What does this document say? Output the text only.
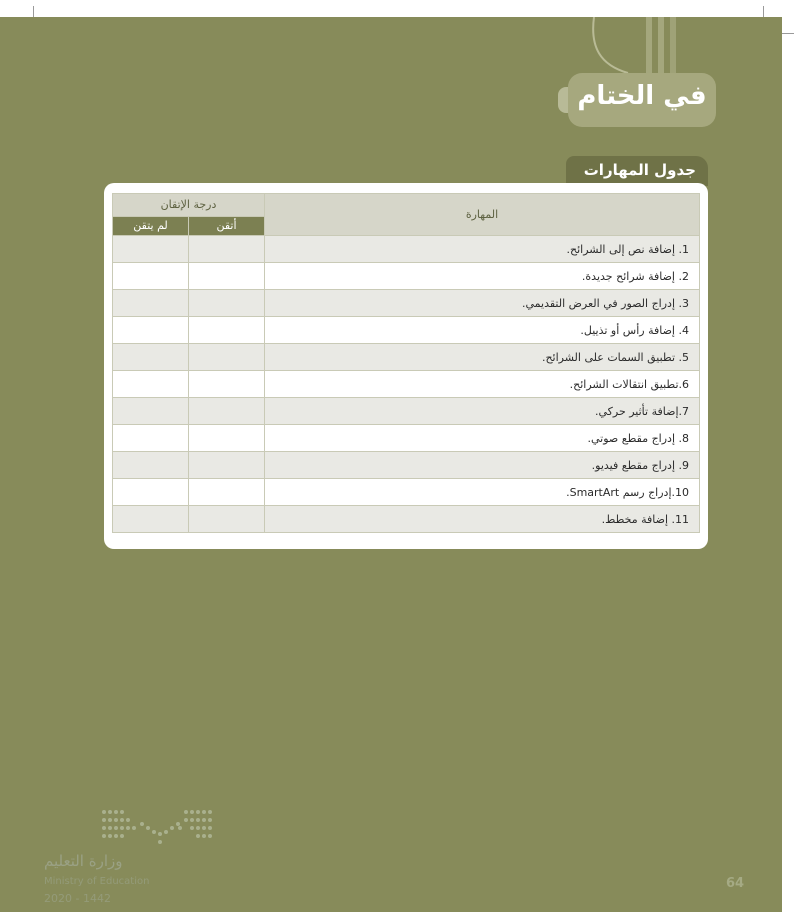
في الختام
جدول المهارات
المهارة	درجة الإتقان	
	أتقن	لم يتقن
1. إضافة نص إلى الشرائح.		
2. إضافة شرائح جديدة.		
3. إدراج الصور في العرض التقديمي.		
4. إضافة رأس أو تذييل.		
5. تطبيق السمات على الشرائح.		
6.تطبيق انتقالات الشرائح.		
7.إضافة تأثير حركي.		
8. إدراج مقطع صوتي.		
9. إدراج مقطع فيديو.		
10.إدراج رسم SmartArt.		
11. إضافة مخطط.		
وزارة التعليم
Ministry of Education
2020 - 1442
64
